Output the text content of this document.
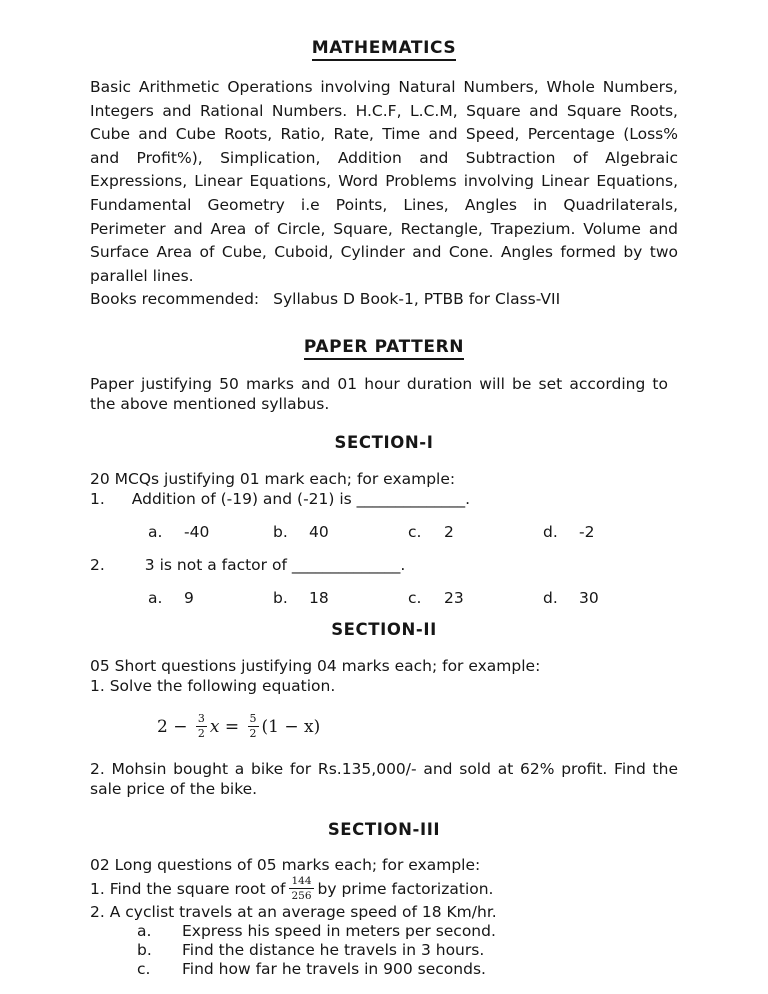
MATHEMATICS
Basic Arithmetic Operations involving Natural Numbers, Whole Numbers, Integers and Rational Numbers. H.C.F, L.C.M, Square and Square Roots, Cube and Cube Roots, Ratio, Rate, Time and Speed, Percentage (Loss% and Profit%), Simplication, Addition and Subtraction of Algebraic Expressions, Linear Equations, Word Problems involving Linear Equations, Fundamental Geometry i.e Points, Lines, Angles in Quadrilaterals, Perimeter and Area of Circle, Square, Rectangle, Trapezium. Volume and Surface Area of Cube, Cuboid, Cylinder and Cone. Angles formed by two parallel lines.
Books recommended: Syllabus D Book-1, PTBB for Class-VII
PAPER PATTERN
Paper justifying 50 marks and 01 hour duration will be set according to the above mentioned syllabus.
SECTION-I
20 MCQs justifying 01 mark each; for example:
1. Addition of (-19) and (-21) is ______________.
a. -40	b. 40	c. 2	d. -2
2.	3 is not a factor of ______________.
a. 9	b. 18	c. 23	d. 30
SECTION-II
05 Short questions justifying 04 marks each; for example:
1. Solve the following equation.
$2 - \frac{3}{2}$ $x = \frac{5}{2} (1 - x)$
2. Mohsin bought a bike for Rs.135,000/- and sold at 62% profit. Find the sale price of the bike.
SECTION-III
02 Long questions of 05 marks each; for example:
1. Find the square root of $\frac{144}{256}$ by prime factorization.
2. A cyclist travels at an average speed of 18 Km/hr.
a.	Express his speed in meters per second.
b.	Find the distance he travels in 3 hours.
c.	Find how far he travels in 900 seconds.
